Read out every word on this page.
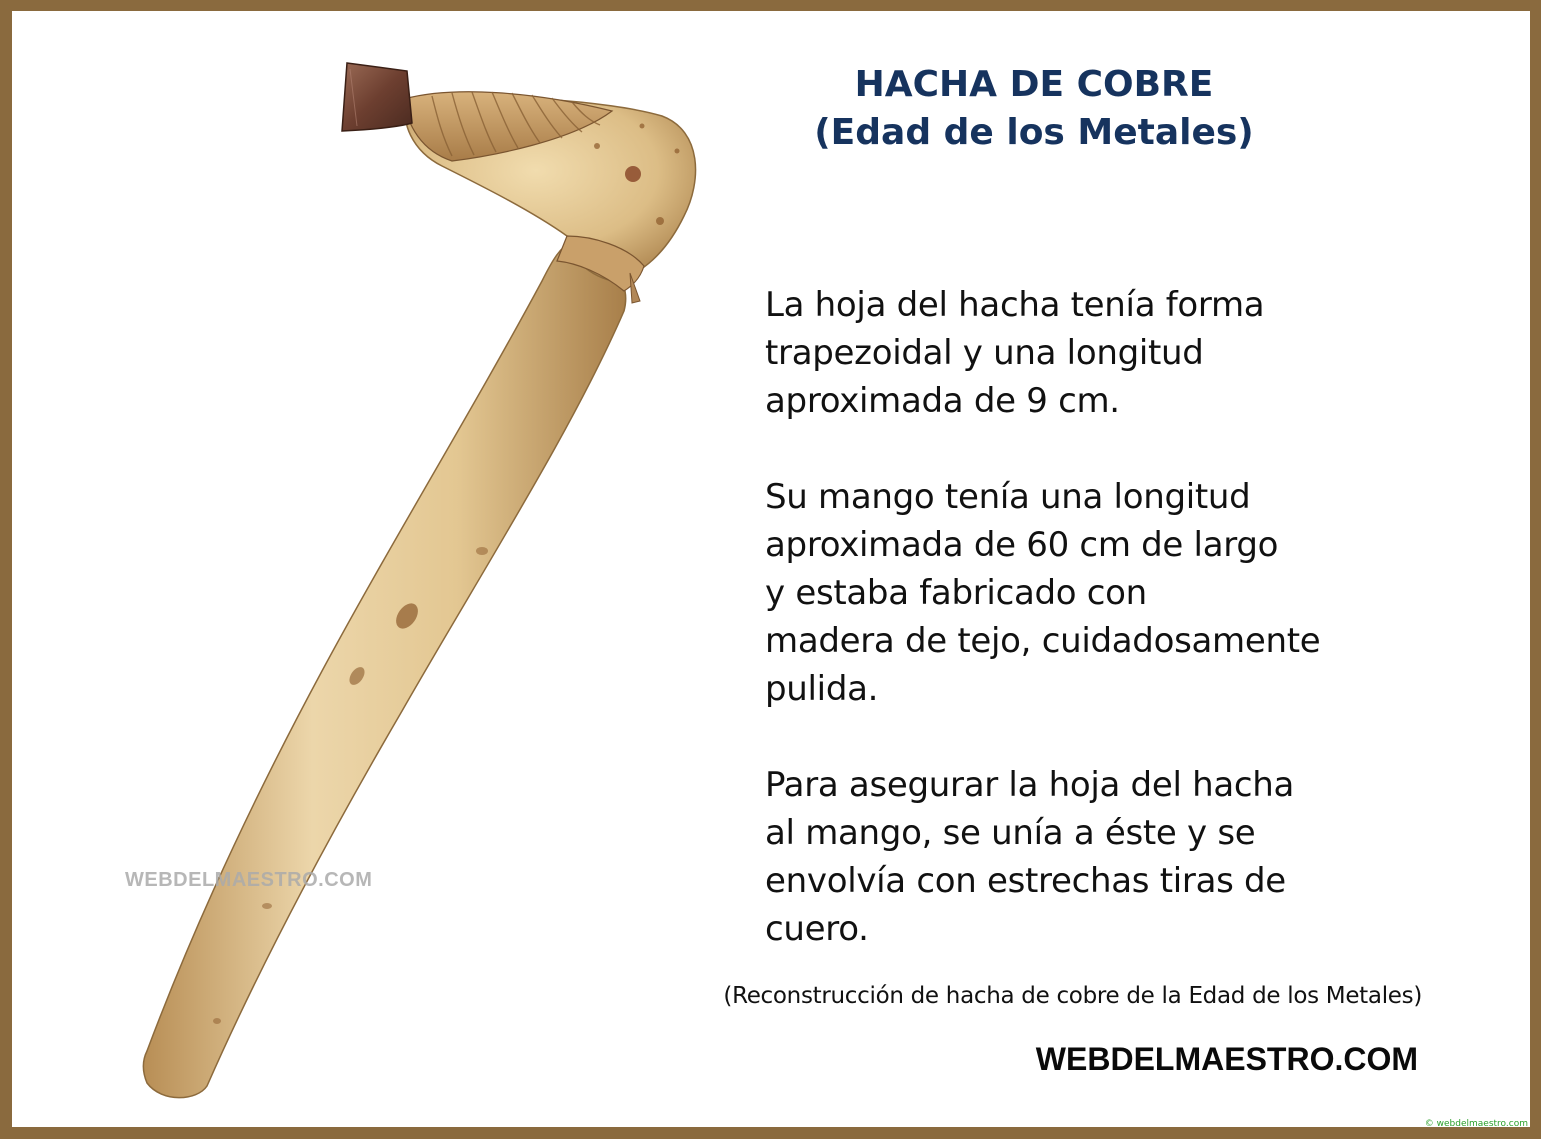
WEBDELMAESTRO.COM
HACHA DE COBRE
(Edad de los Metales)
La hoja del hacha tenía forma
trapezoidal y una longitud
aproximada de 9 cm.
Su mango tenía una longitud
aproximada de 60 cm de largo
y estaba fabricado con
madera de tejo, cuidadosamente
pulida.
Para asegurar la hoja del hacha
al mango, se unía a éste y se
envolvía con estrechas tiras de
cuero.
(Reconstrucción de hacha de cobre de la Edad de los Metales)
WEBDELMAESTRO.COM
© webdelmaestro.com
